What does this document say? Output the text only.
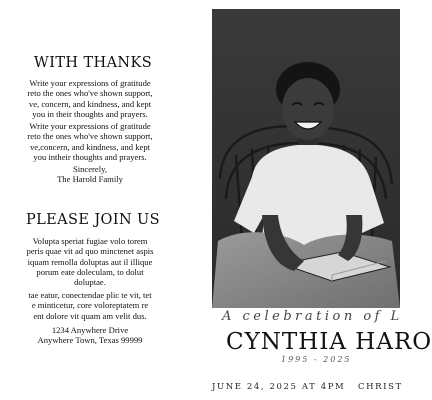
WITH THANKS
Write your expressions of gratitude
reto the ones who've shown support,
ve, concern, and kindness, and kept
you in their thoughts and prayers.
Write your expressions of gratitude
reto the ones who've shown support,
ve,concern, and kindness, and kept
you intheir thoughts and prayers.
Sincerely,
The Harold Family
PLEASE JOIN US
Volupta speriat fugiae volo torem
peris quae vit ad quo minctenet aspis
iquam remolla doluptas aut il illique
porum eate doleculam, to dolut
doluptae.
tae eatur, conectendae plic te vit, tet
e minticetur, core voloreptatem re
ent dolore vit quam am velit dus.
1234 Anywhere Drive
Anywhere Town, Texas 99999
A celebration of L
CYNTHIA HARO
1995 - 2025
JUNE 24, 2025 AT 4PM CHRIST
